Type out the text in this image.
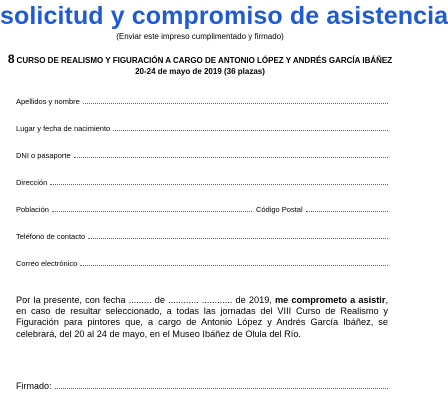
solicitud y compromiso de asistencia
(Enviar este impreso cumplimentado y firmado)
8 CURSO DE REALISMO Y FIGURACIÓN A CARGO DE ANTONIO LÓPEZ Y ANDRÉS GARCÍA IBÁÑEZ
20-24 de mayo de 2019 (36 plazas)
Apellidos y nombre
Lugar y fecha de nacimiento
DNI o pasaporte
Dirección
Población	Código Postal
Teléfono de contacto
Correo electrónico
Por la presente, con fecha ......... de ............ ............ de 2019, me comprometo a asistir, en caso de resultar seleccionado, a todas las jornadas del VIII Curso de Realismo y Figuración para pintores que, a cargo de Antonio López y Andrés García Ibáñez, se celebrará, del 20 al 24 de mayo, en el Museo Ibáñez de Olula del Río.
Firmado:
